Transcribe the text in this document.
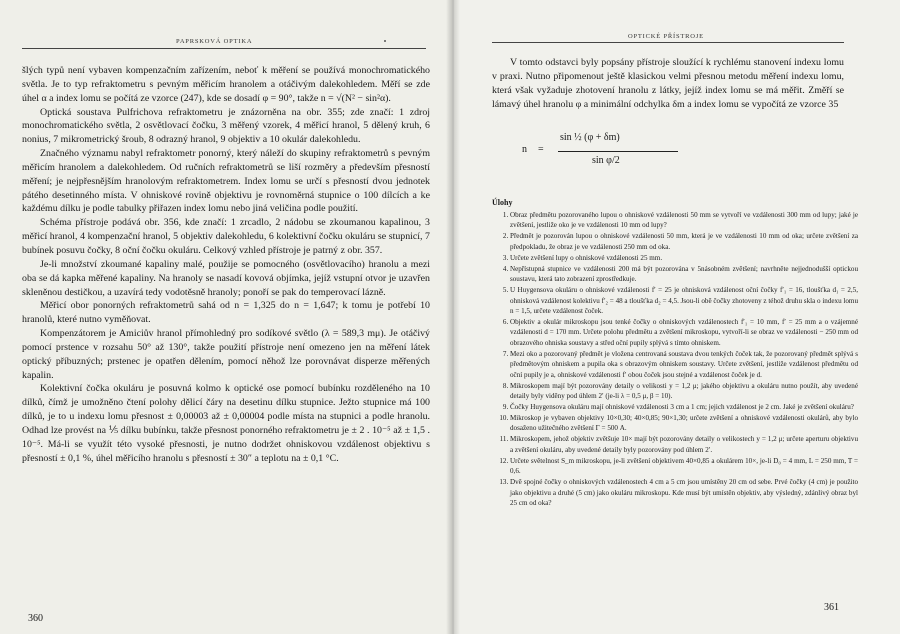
PAPRSKOVÁ OPTIKA

šlých typů není vybaven kompenzačním zařízením, neboť k měření se používá monochromatického světla. Je to typ refraktometru s pevným měřicím hranolem a otáčivým dalekohledem. Měří se zde úhel α a index lomu se počítá ze vzorce (247), kde se dosadí φ = 90°, takže n = √(N² − sin²α).

Optická soustava Pulfrichova refraktometru je znázorněna na obr. 355; zde značí: 1 zdroj monochromatického světla, 2 osvětlovací čočku, 3 měřený vzorek, 4 měřicí hranol, 5 dělený kruh, 6 nonius, 7 mikrometrický šroub, 8 odrazný hranol, 9 objektiv a 10 okulár dalekohledu.

Značného významu nabyl refraktometr ponorný, který náleží do skupiny refraktometrů s pevným měřicím hranolem a dalekohledem. Od ručních refraktometrů se liší rozměry a především přesností měření; je nejpřesnějším hranolovým refraktometrem. Index lomu se určí s přesností dvou jednotek pátého desetinného místa. V ohniskové rovině objektivu je rovnoměrná stupnice o 100 dílcích a ke každému dílku je podle tabulky přiřazen index lomu nebo jiná veličina podle použití.

Schéma přístroje podává obr. 356, kde značí: 1 zrcadlo, 2 nádobu se zkoumanou kapalinou, 3 měřicí hranol, 4 kompenzační hranol, 5 objektiv dalekohledu, 6 kolektivní čočku okuláru se stupnicí, 7 bubínek posuvu čočky, 8 oční čočku okuláru. Celkový vzhled přístroje je patrný z obr. 357.

Je-li množství zkoumané kapaliny malé, použije se pomocného (osvětlovacího) hranolu a mezi oba se dá kapka měřené kapaliny. Na hranoly se nasadí kovová objímka, jejíž vstupní otvor je uzavřen skleněnou destičkou, a uzavírá tedy vodotěsně hranoly; ponoří se pak do temperovací lázně.

Měřicí obor ponorných refraktometrů sahá od n = 1,325 do n = 1,647; k tomu je potřebí 10 hranolů, které nutno vyměňovat.

Kompenzátorem je Amiciův hranol přímohledný pro sodíkové světlo (λ = 589,3 mμ). Je otáčivý pomocí prstence v rozsahu 50° až 130°, takže použití přístroje není omezeno jen na měření látek optický příbuzných; prstenec je opatřen dělením, pomocí něhož lze porovnávat disperze měřených kapalin.

Kolektivní čočka okuláru je posuvná kolmo k optické ose pomocí bubínku rozděleného na 10 dílků, čímž je umožněno čtení polohy dělicí čáry na desetinu dílku stupnice. Ježto stupnice má 100 dílků, je to u indexu lomu přesnost ± 0,00003 až ± 0,00004 podle místa na stupnici a podle hranolu. Odhad lze provést na ⅕ dílku bubínku, takže přesnost ponorného refraktometru je ± 2 . 10⁻⁵ až ± 1,5 . 10⁻⁵. Má-li se využít této vysoké přesnosti, je nutno dodržet ohniskovou vzdálenost objektivu s přesností ± 0,1 %, úhel měřicího hranolu s přesností ± 30″ a teplotu na ± 0,1 °C.

360
OPTICKÉ PŘÍSTROJE

V tomto odstavci byly popsány přístroje sloužící k rychlému stanovení indexu lomu v praxi. Nutno připomenout ještě klasickou velmi přesnou metodu měření indexu lomu, která však vyžaduje zhotovení hranolu z látky, jejíž index lomu se má měřit. Změří se lámavý úhel hranolu φ a minimální odchylka δm a index lomu se vypočítá ze vzorce 35

n =
sin ½ (φ + δm)
sin φ/2
Úlohy
1. Obraz předmětu pozorovaného lupou o ohniskové vzdálenosti 50 mm se vytvoří ve vzdálenosti 300 mm od lupy; jaké je zvětšení, jestliže oko je ve vzdálenosti 10 mm od lupy?
2. Předmět je pozorován lupou o ohniskové vzdálenosti 50 mm, která je ve vzdálenosti 10 mm od oka; určete zvětšení za předpokladu, že obraz je ve vzdálenosti 250 mm od oka.
3. Určete zvětšení lupy o ohniskové vzdálenosti 25 mm.
4. Nepřístupná stupnice ve vzdálenosti 200 má být pozorována v 5násobném zvětšení; navrhněte nejjednodušší optickou soustavu, která tato zobrazení zprostředkuje.
5. U Huygensova okuláru o ohniskové vzdálenosti f′ = 25 je ohnisková vzdálenost oční čočky f′₁ = 16, tloušťka d₁ = 2,5, ohnisková vzdálenost kolektivu f′₂ = 48 a tloušťka d₂ = 4,5. Jsou-li obě čočky zhotoveny z téhož druhu skla o indexu lomu n = 1,5, určete vzdálenost čoček.
6. Objektiv a okulár mikroskopu jsou tenké čočky o ohniskových vzdálenostech f′₁ = 10 mm, f′ = 25 mm a o vzájemné vzdálenosti d = 170 mm. Určete polohu předmětu a zvětšení mikroskopu, vytvoří-li se obraz ve vzdálenosti − 250 mm od obrazového ohniska soustavy a střed oční pupily splývá s tímto ohniskem.
7. Mezi oko a pozorovaný předmět je vložena centrovaná soustava dvou tenkých čoček tak, že pozorovaný předmět splývá s předmětovým ohniskem a pupila oka s obrazovým ohniskem soustavy. Určete zvětšení, jestliže vzdálenost předmětu od oční pupily je a, ohniskové vzdálenosti f′ obou čoček jsou stejné a vzdálenost čoček je d.
8. Mikroskopem mají být pozorovány detaily o velikosti y = 1,2 μ; jakého objektivu a okuláru nutno použít, aby uvedené detaily byly viděny pod úhlem 2′ (je-li λ = 0,5 μ, β = 10).
9. Čočky Huygensova okuláru mají ohniskové vzdálenosti 3 cm a 1 cm; jejich vzdálenost je 2 cm. Jaké je zvětšení okuláru?
10. Mikroskop je vybaven objektivy 10×0,30; 40×0,85; 90×1,30; určete zvětšení a ohniskové vzdálenosti okulárů, aby bylo dosaženo užitečného zvětšení Γ = 500 A.
11. Mikroskopem, jehož objektiv zvětšuje 10× mají být pozorovány detaily o velikostech y = 1,2 μ; určete aperturu objektivu a zvětšení okuláru, aby uvedené detaily byly pozorovány pod úhlem 2′.
12. Určete světelnost S_m mikroskopu, je-li zvětšení objektivem 40×0,85 a okulárem 10×, je-li D₀ = 4 mm, L = 250 mm, T = 0,6.
13. Dvě spojné čočky o ohniskových vzdálenostech 4 cm a 5 cm jsou umístěny 20 cm od sebe. Prvé čočky (4 cm) je použito jako objektivu a druhé (5 cm) jako okuláru mikroskopu. Kde musí být umístěn objektiv, aby výsledný, zdánlivý obraz byl 25 cm od oka?
361
